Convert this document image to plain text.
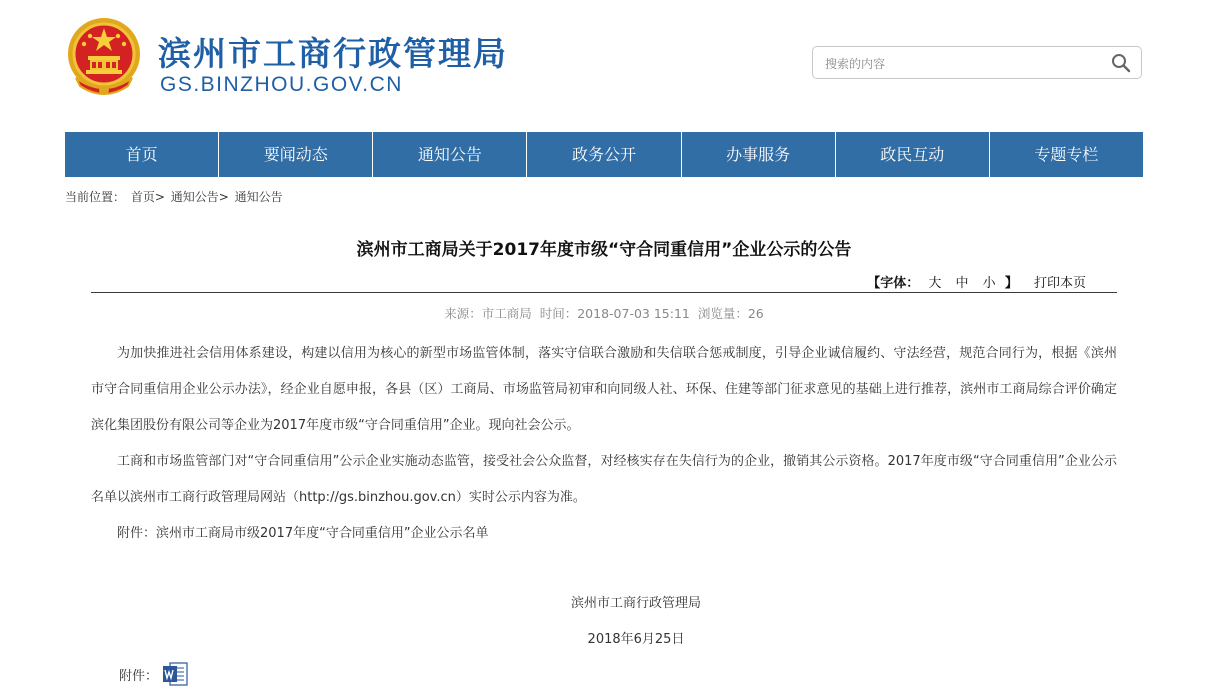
滨州市工商行政管理局
GS.BINZHOU.GOV.CN
搜索的内容
首页	要闻动态	通知公告	政务公开	办事服务	政民互动	专题专栏
当前位置： 首页> 通知公告> 通知公告
滨州市工商局关于2017年度市级“守合同重信用”企业公示的公告
【字体： 大 中 小 】 打印本页
来源：市工商局 时间：2018-07-03 15:11 浏览量：26

为加快推进社会信用体系建设，构建以信用为核心的新型市场监管体制，落实守信联合激励和失信联合惩戒制度，引导企业诚信履约、守法经营，规范合同行为，根据《滨州市守合同重信用企业公示办法》，经企业自愿申报，各县（区）工商局、市场监管局初审和向同级人社、环保、住建等部门征求意见的基础上进行推荐，滨州市工商局综合评价确定滨化集团股份有限公司等企业为2017年度市级“守合同重信用”企业。现向社会公示。

工商和市场监管部门对“守合同重信用”公示企业实施动态监管，接受社会公众监督，对经核实存在失信行为的企业，撤销其公示资格。2017年度市级“守合同重信用”企业公示名单以滨州市工商行政管理局网站（http://gs.binzhou.gov.cn）实时公示内容为准。

附件：滨州市工商局市级2017年度“守合同重信用”企业公示名单

滨州市工商行政管理局
2018年6月25日
附件：
